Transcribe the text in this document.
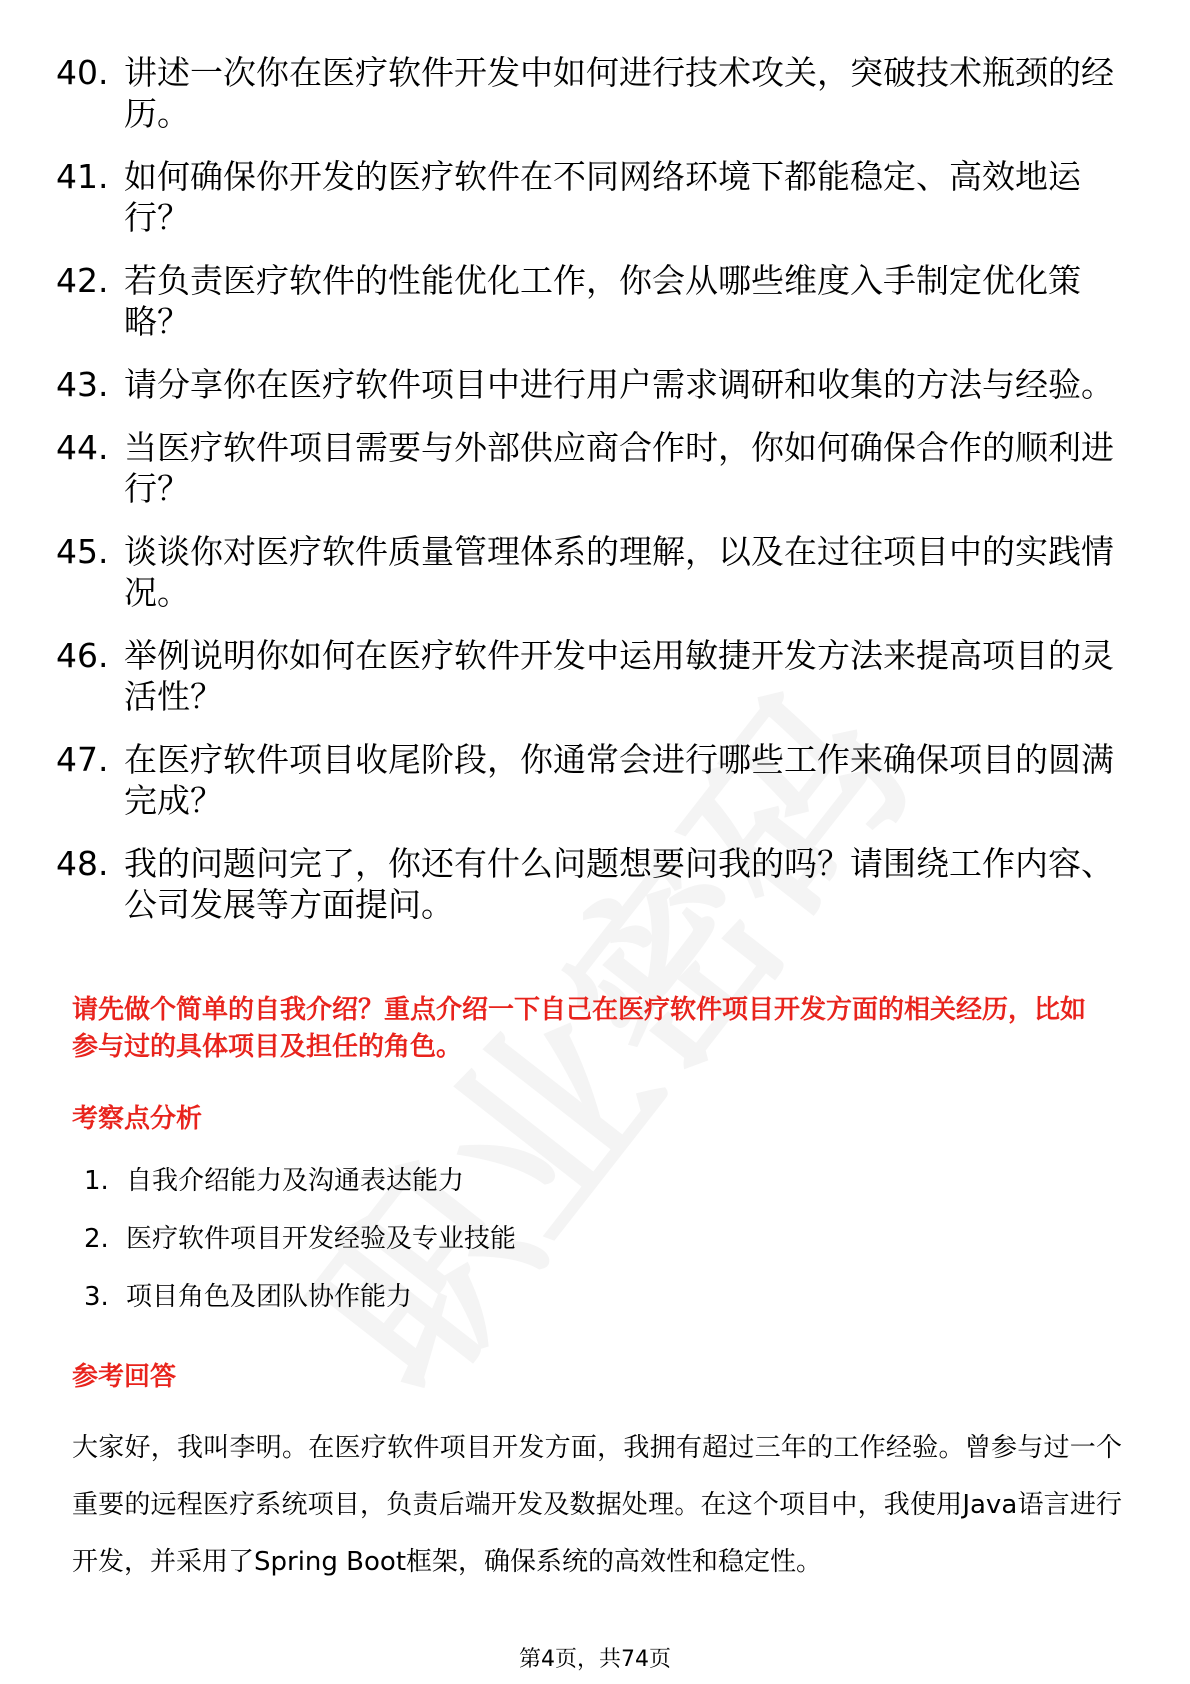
40. 讲述一次你在医疗软件开发中如何进行技术攻关，突破技术瓶颈的经历。
41. 如何确保你开发的医疗软件在不同网络环境下都能稳定、高效地运行？
42. 若负责医疗软件的性能优化工作，你会从哪些维度入手制定优化策略？
43. 请分享你在医疗软件项目中进行用户需求调研和收集的方法与经验。
44. 当医疗软件项目需要与外部供应商合作时，你如何确保合作的顺利进行？
45. 谈谈你对医疗软件质量管理体系的理解，以及在过往项目中的实践情况。
46. 举例说明你如何在医疗软件开发中运用敏捷开发方法来提高项目的灵活性？
47. 在医疗软件项目收尾阶段，你通常会进行哪些工作来确保项目的圆满完成？
48. 我的问题问完了，你还有什么问题想要问我的吗？请围绕工作内容、公司发展等方面提问。

请先做个简单的自我介绍？重点介绍一下自己在医疗软件项目开发方面的相关经历，比如参与过的具体项目及担任的角色。

考察点分析
1. 自我介绍能力及沟通表达能力
2. 医疗软件项目开发经验及专业技能
3. 项目角色及团队协作能力
参考回答

大家好，我叫李明。在医疗软件项目开发方面，我拥有超过三年的工作经验。曾参与过一个重要的远程医疗系统项目，负责后端开发及数据处理。在这个项目中，我使用Java语言进行开发，并采用了Spring Boot框架，确保系统的高效性和稳定性。

第4页，共74页
